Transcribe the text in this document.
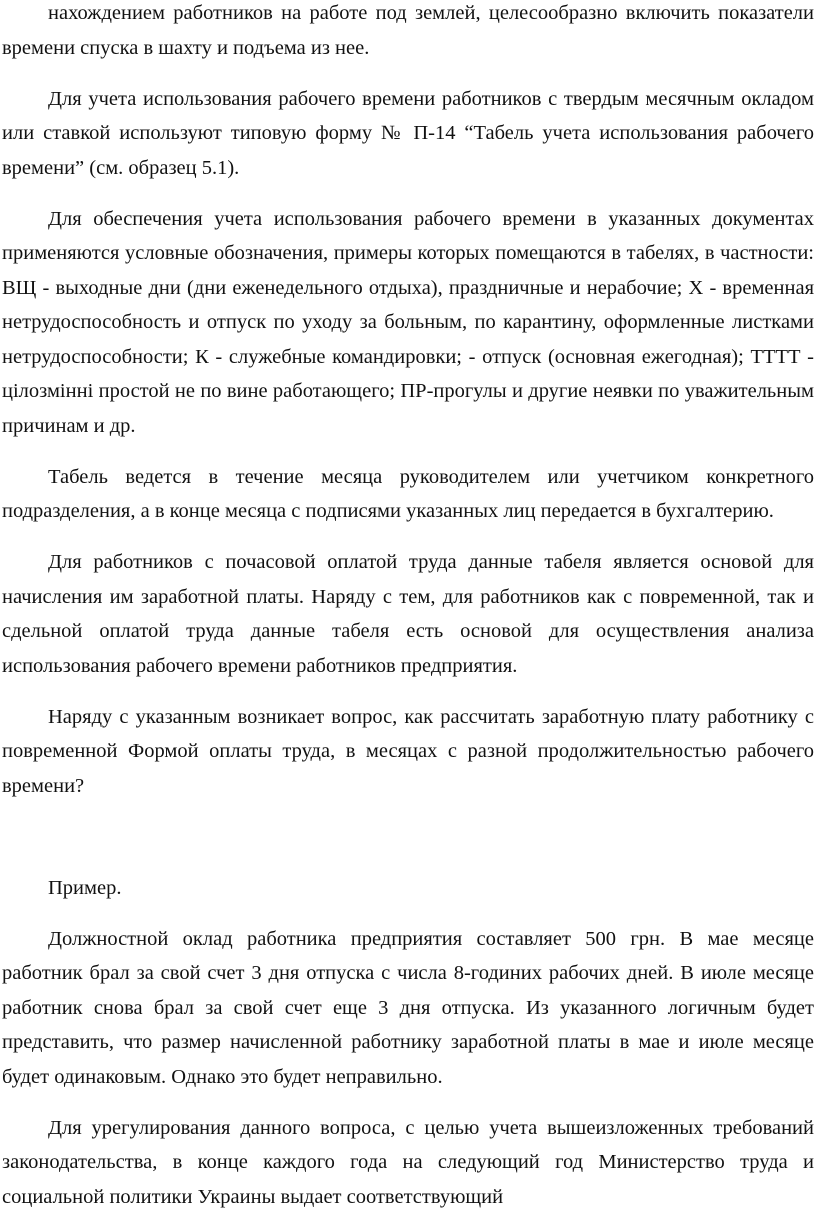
нахождением работников на работе под землей, целесообразно включить показатели времени спуска в шахту и подъема из нее.

Для учета использования рабочего времени работников с твердым месячным окладом или ставкой используют типовую форму № П-14 “Табель учета использования рабочего времени” (см. образец 5.1).

Для обеспечения учета использования рабочего времени в указанных документах применяются условные обозначения, примеры которых помещаются в табелях, в частности: ВЩ - выходные дни (дни еженедельного отдыха), праздничные и нерабочие; Х - временная нетрудоспособность и отпуск по уходу за больным, по карантину, оформленные листками нетрудоспособности; К - служебные командировки; - отпуск (основная ежегодная); ТТТТ - цілозмінні простой не по вине работающего; ПР-прогулы и другие неявки по уважительным причинам и др.

Табель ведется в течение месяца руководителем или учетчиком конкретного подразделения, а в конце месяца с подписями указанных лиц передается в бухгалтерию.

Для работников с почасовой оплатой труда данные табеля является основой для начисления им заработной платы. Наряду с тем, для работников как с повременной, так и сдельной оплатой труда данные табеля есть основой для осуществления анализа использования рабочего времени работников предприятия.

Наряду с указанным возникает вопрос, как рассчитать заработную плату работнику с повременной Формой оплаты труда, в месяцах с разной продолжительностью рабочего времени?

Пример.

Должностной оклад работника предприятия составляет 500 грн. В мае месяце работник брал за свой счет 3 дня отпуска с числа 8-годиних рабочих дней. В июле месяце работник снова брал за свой счет еще 3 дня отпуска. Из указанного логичным будет представить, что размер начисленной работнику заработной платы в мае и июле месяце будет одинаковым. Однако это будет неправильно.

Для урегулирования данного вопроса, с целью учета вышеизложенных требований законодательства, в конце каждого года на следующий год Министерство труда и социальной политики Украины выдает соответствующий
